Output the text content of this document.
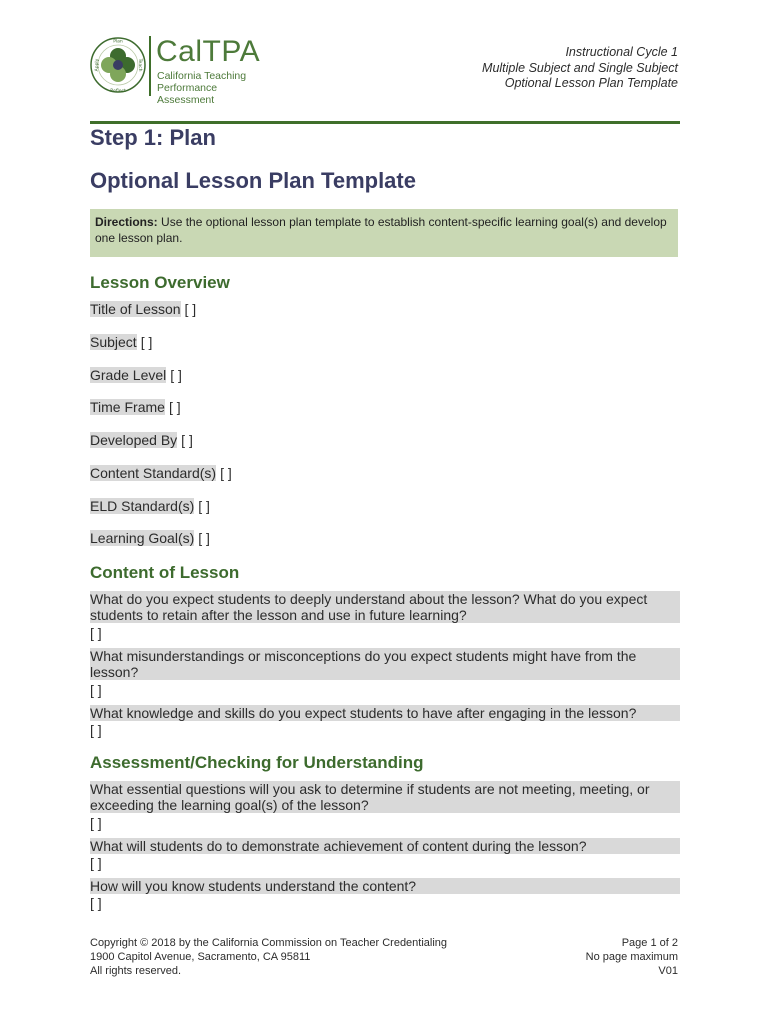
Plan
Reflect
Apply	Teach CalTPA
California Teaching
Performance Assessment
Instructional Cycle 1
Multiple Subject and Single Subject
Optional Lesson Plan Template
Step 1: Plan
Optional Lesson Plan Template
Directions: Use the optional lesson plan template to establish content-specific learning goal(s) and develop one lesson plan.
Lesson Overview
Title of Lesson [ ]
Subject [ ]
Grade Level [ ]
Time Frame [ ]
Developed By [ ]
Content Standard(s) [ ]
ELD Standard(s) [ ]
Learning Goal(s) [ ]
Content of Lesson
What do you expect students to deeply understand about the lesson? What do you expect
students to retain after the lesson and use in future learning?
[ ]
What misunderstandings or misconceptions do you expect students might have from the
lesson?
[ ]
What knowledge and skills do you expect students to have after engaging in the lesson?
[ ]
Assessment/Checking for Understanding
What essential questions will you ask to determine if students are not meeting, meeting, or
exceeding the learning goal(s) of the lesson?
[ ]
What will students do to demonstrate achievement of content during the lesson?
[ ]
How will you know students understand the content?
[ ]
Copyright © 2018 by the California Commission on Teacher Credentialing
1900 Capitol Avenue, Sacramento, CA 95811
All rights reserved.
Page 1 of 2
No page maximum
V01
